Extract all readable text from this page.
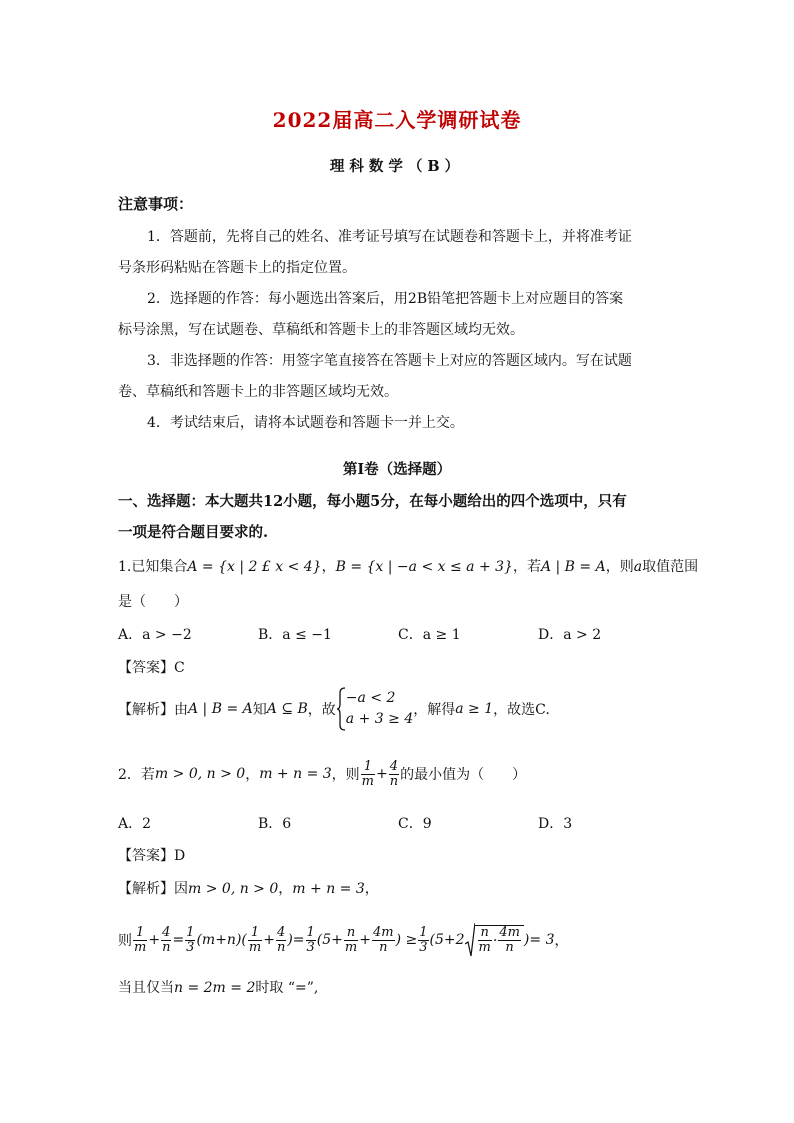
2022届高二入学调研试卷
理科数学（B）
注意事项：
1．答题前，先将自己的姓名、准考证号填写在试题卷和答题卡上，并将准考证
号条形码粘贴在答题卡上的指定位置。
2．选择题的作答：每小题选出答案后，用2B铅笔把答题卡上对应题目的答案
标号涂黑，写在试题卷、草稿纸和答题卡上的非答题区域均无效。
3．非选择题的作答：用签字笔直接答在答题卡上对应的答题区域内。写在试题
卷、草稿纸和答题卡上的非答题区域均无效。
4．考试结束后，请将本试题卷和答题卡一并上交。
第Ⅰ卷（选择题）
一、选择题：本大题共12小题，每小题5分，在每小题给出的四个选项中，只有
一项是符合题目要求的.
1.已知集合A = {x | 2 £ x < 4}，B = {x | −a < x ≤ a + 3}，若A | B = A，则a取值范围
是（　　）
A．a > −2	B．a ≤ −1	C．a ≥ 1	D．a > 2
【答案】C
【解析】 由 A | B = A 知 A ⊆ B ，故
−a < 2
a + 3 ≥ 4
，解得 a ≥ 1 ，故选C.
2．若 m > 0, n > 0 ， m + n = 3 ，则 $\frac{1}{m} + \frac{4}{n}$ 的最小值为（　　）
A．2	B．6	C．9	D．3
【答案】D
【解析】因m > 0, n > 0，m + n = 3，
则 $\frac{1}{m} + \frac{4}{n} = \frac{1}{3} (m+n)( \frac{1}{m} + \frac{4}{n}$ )= $\frac{1}{3} (5+ \frac{n}{m} + \frac{4m}{n}$ ) ≥ $\frac{1}{3} (5+2 \frac{n}{m} \cdot \frac{4m}{n}$ ) = 3 ，
当且仅当n = 2m = 2时取 “=”,
